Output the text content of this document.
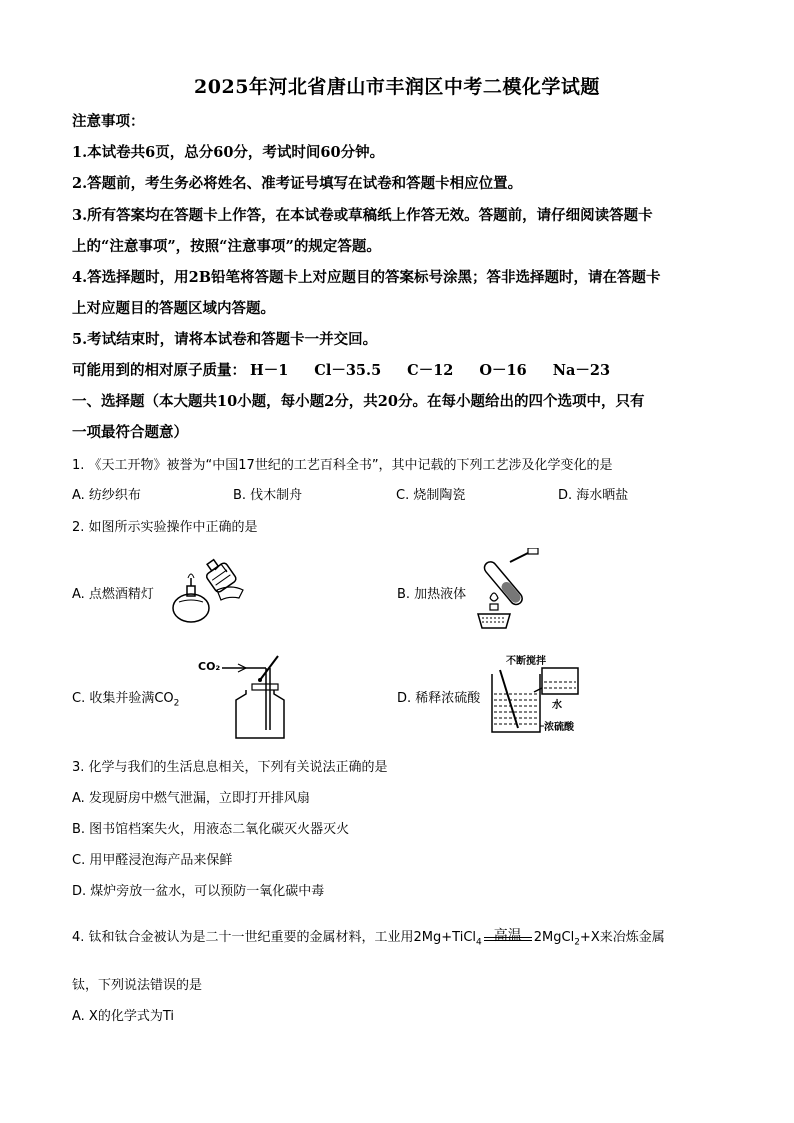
2025年河北省唐山市丰润区中考二模化学试题
注意事项：
1.本试卷共6页，总分60分，考试时间60分钟。
2.答题前，考生务必将姓名、准考证号填写在试卷和答题卡相应位置。
3.所有答案均在答题卡上作答，在本试卷或草稿纸上作答无效。答题前，请仔细阅读答题卡
上的“注意事项”，按照“注意事项”的规定答题。
4.答选择题时，用2B铅笔将答题卡上对应题目的答案标号涂黑；答非选择题时，请在答题卡
上对应题目的答题区域内答题。
5.考试结束时，请将本试卷和答题卡一并交回。
可能用到的相对原子质量： H－1 Cl－35.5 C－12 O－16 Na－23
一、选择题（本大题共10小题，每小题2分，共20分。在每小题给出的四个选项中，只有
一项最符合题意）
1. 《天工开物》被誉为“中国17世纪的工艺百科全书”，其中记载的下列工艺涉及化学变化的是
A. 纺纱织布	B. 伐木制舟	C. 烧制陶瓷	D. 海水晒盐
2. 如图所示实验操作中正确的是
A. 点燃酒精灯	B. 加热液体
C. 收集并验满$CO_2$
CO₂
D. 稀释浓硫酸
不断搅拌
水
浓硫酸
3. 化学与我们的生活息息相关，下列有关说法正确的是
A. 发现厨房中燃气泄漏，立即打开排风扇
B. 图书馆档案失火，用液态二氧化碳灭火器灭火
C. 用甲醛浸泡海产品来保鲜
D. 煤炉旁放一盆水，可以预防一氧化碳中毒
4. 钛和钛合金被认为是二十一世纪重要的金属材料，工业用2Mg+TiCl$_4$ 高温 2MgCl$_2$+X来冶炼金属
钛，下列说法错误的是
A. X的化学式为Ti
